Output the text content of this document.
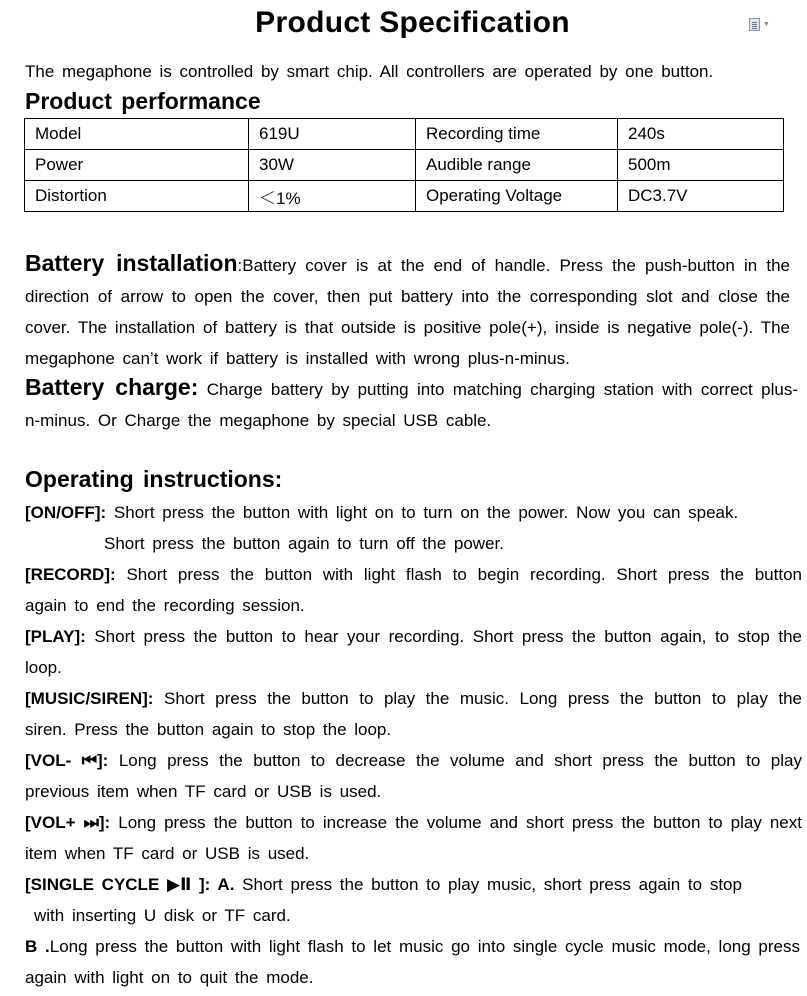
▼
Product Specification

The megaphone is controlled by smart chip. All controllers are operated by one button.

Product performance
Model	619U	Recording time	240s
Power	30W	Audible range	500m
Distortion	＜1%	Operating Voltage	DC3.7V

Battery installation:Battery cover is at the end of handle. Press the push-button in the direction of arrow to open the cover, then put battery into the corresponding slot and close the cover. The installation of battery is that outside is positive pole(+), inside is negative pole(-). The megaphone can’t work if battery is installed with wrong plus-n-minus.

Battery charge: Charge battery by putting into matching charging station with correct plus-n-minus. Or Charge the megaphone by special USB cable.

Operating instructions:

[ON/OFF]: Short press the button with light on to turn on the power. Now you can speak.

Short press the button again to turn off the power.

[RECORD]: Short press the button with light flash to begin recording. Short press the button again to end the recording session.

[PLAY]: Short press the button to hear your recording. Short press the button again, to stop the loop.

[MUSIC/SIREN]: Short press the button to play the music. Long press the button to play the siren. Press the button again to stop the loop.

[VOL- ⏮]: Long press the button to decrease the volume and short press the button to play previous item when TF card or USB is used.

[VOL+ ⏭]: Long press the button to increase the volume and short press the button to play next item when TF card or USB is used.

[SINGLE CYCLE ▶Ⅱ ]: A. Short press the button to play music, short press again to stop

with inserting U disk or TF card.

B .Long press the button with light flash to let music go into single cycle music mode, long press again with light on to quit the mode.
